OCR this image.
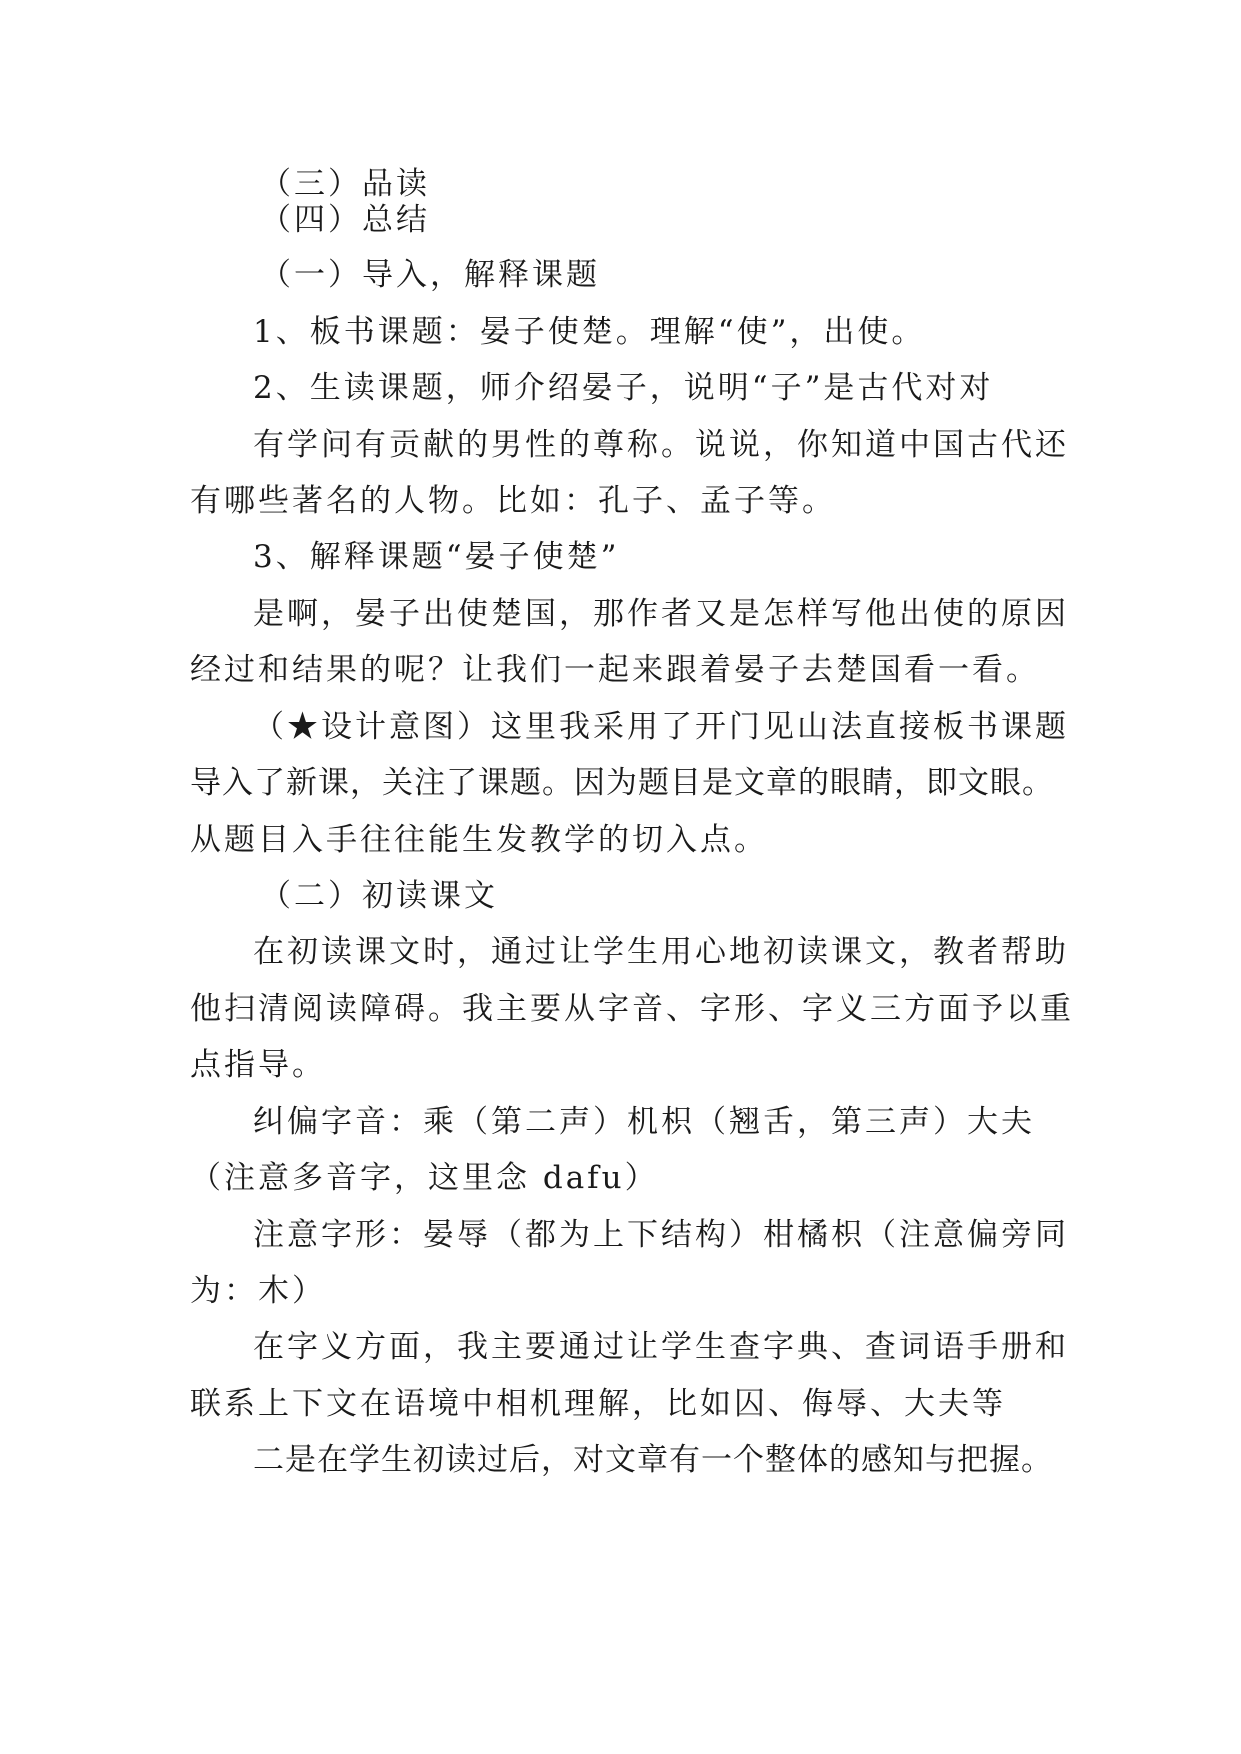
（三）品读
（四）总结
（一）导入，解释课题
1、板书课题：晏子使楚。理解“使”，出使。
2、生读课题，师介绍晏子，说明“子”是古代对对
有学问有贡献的男性的尊称。说说，你知道中国古代还
有哪些著名的人物。比如：孔子、孟子等。
3、解释课题“晏子使楚”
是啊，晏子出使楚国，那作者又是怎样写他出使的原因
经过和结果的呢？让我们一起来跟着晏子去楚国看一看。
（★设计意图）这里我采用了开门见山法直接板书课题
导入了新课，关注了课题。因为题目是文章的眼睛，即文眼。
从题目入手往往能生发教学的切入点。
（二）初读课文
在初读课文时，通过让学生用心地初读课文，教者帮助
他扫清阅读障碍。我主要从字音、字形、字义三方面予以重
点指导。
纠偏字音：乘（第二声）机枳（翘舌，第三声）大夫
（注意多音字，这里念 dafu）
注意字形：晏辱（都为上下结构）柑橘枳（注意偏旁同
为：木）
在字义方面，我主要通过让学生查字典、查词语手册和
联系上下文在语境中相机理解，比如囚、侮辱、大夫等
二是在学生初读过后，对文章有一个整体的感知与把握。
